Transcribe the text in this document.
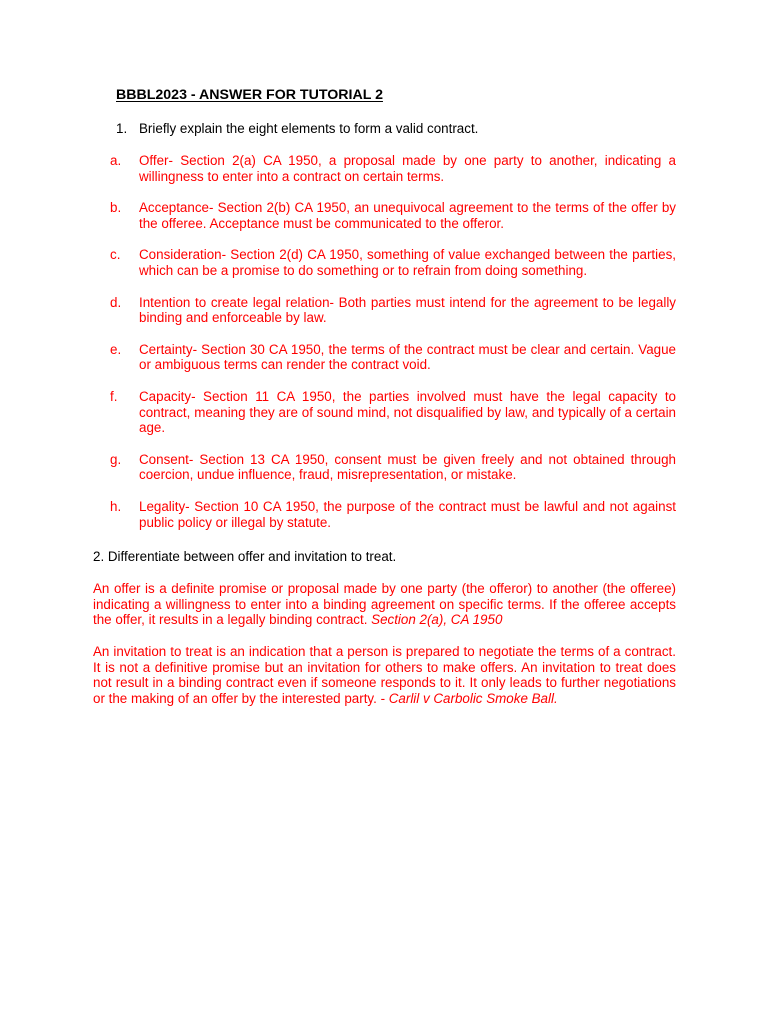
BBBL2023 - ANSWER FOR TUTORIAL 2
1. Briefly explain the eight elements to form a valid contract.
a.	Offer- Section 2(a) CA 1950, a proposal made by one party to another, indicating a willingness to enter into a contract on certain terms.
b.	Acceptance- Section 2(b) CA 1950, an unequivocal agreement to the terms of the offer by the offeree. Acceptance must be communicated to the offeror.
c.	Consideration- Section 2(d) CA 1950, something of value exchanged between the parties, which can be a promise to do something or to refrain from doing something.
d.	Intention to create legal relation- Both parties must intend for the agreement to be legally binding and enforceable by law.
e.	Certainty- Section 30 CA 1950, the terms of the contract must be clear and certain. Vague or ambiguous terms can render the contract void.
f.	Capacity- Section 11 CA 1950, the parties involved must have the legal capacity to contract, meaning they are of sound mind, not disqualified by law, and typically of a certain age.
g.	Consent- Section 13 CA 1950, consent must be given freely and not obtained through coercion, undue influence, fraud, misrepresentation, or mistake.
h.	Legality- Section 10 CA 1950, the purpose of the contract must be lawful and not against public policy or illegal by statute.
2. Differentiate between offer and invitation to treat.
An offer is a definite promise or proposal made by one party (the offeror) to another (the offeree) indicating a willingness to enter into a binding agreement on specific terms. If the offeree accepts the offer, it results in a legally binding contract. Section 2(a), CA 1950
An invitation to treat is an indication that a person is prepared to negotiate the terms of a contract. It is not a definitive promise but an invitation for others to make offers. An invitation to treat does not result in a binding contract even if someone responds to it. It only leads to further negotiations or the making of an offer by the interested party. - Carlil v Carbolic Smoke Ball.
